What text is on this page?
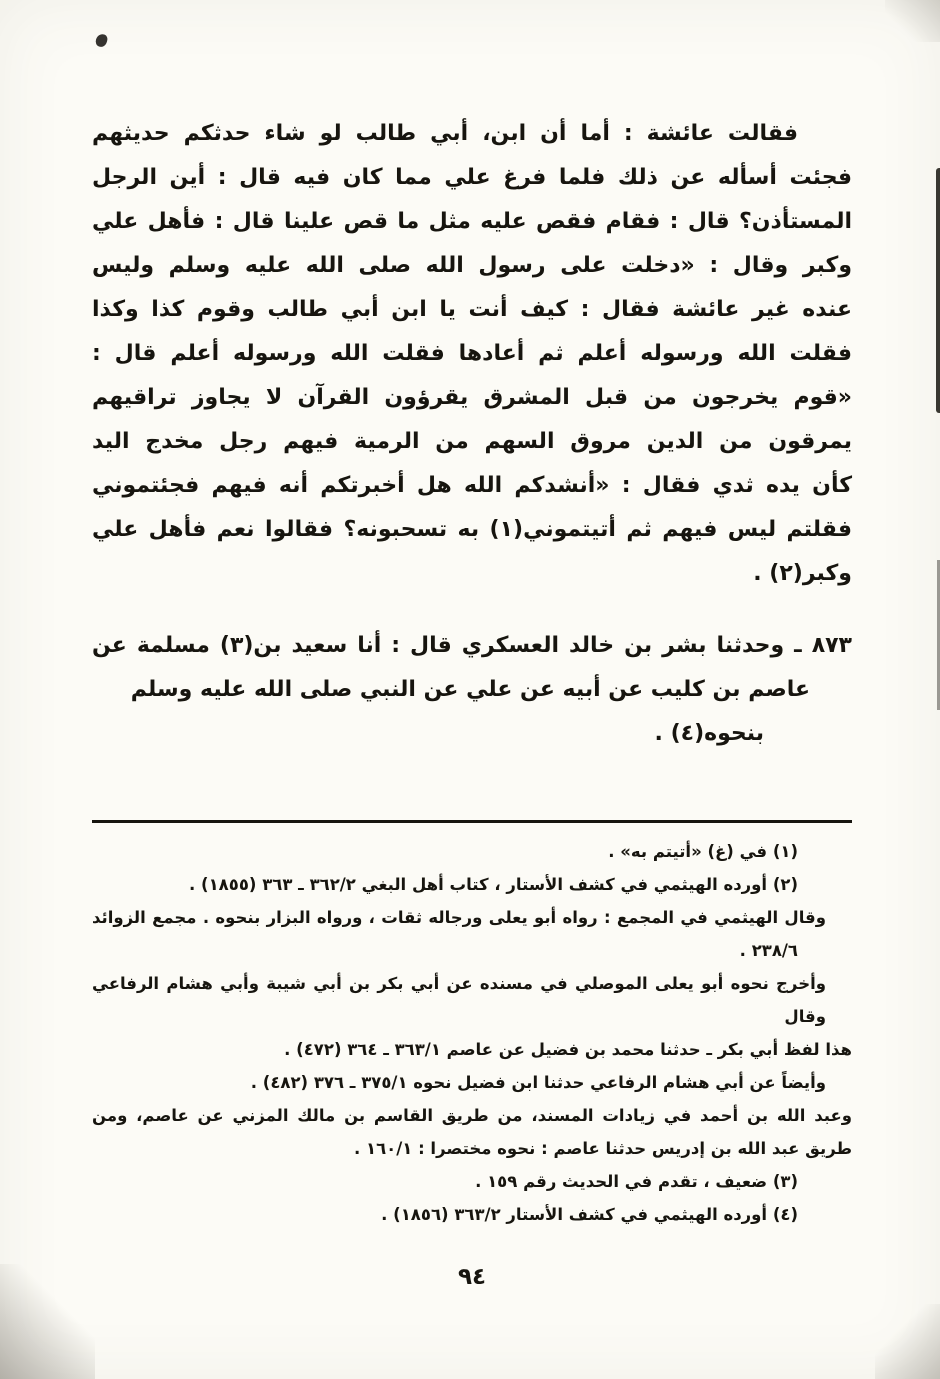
فقالت عائشة : أما أن ابن، أبي طالب لو شاء حدثكم حديثهم
فجئت أسأله عن ذلك فلما فرغ علي مما كان فيه قال : أين الرجل
المستأذن؟ قال : فقام فقص عليه مثل ما قص علينا قال : فأهل علي
وكبر وقال : «دخلت على رسول الله صلى الله عليه وسلم وليس
عنده غير عائشة فقال : كيف أنت يا ابن أبي طالب وقوم كذا وكذا
فقلت الله ورسوله أعلم ثم أعادها فقلت الله ورسوله أعلم قال :
«قوم يخرجون من قبل المشرق يقرؤون القرآن لا يجاوز تراقيهم
يمرقون من الدين مروق السهم من الرمية فيهم رجل مخدج اليد
كأن يده ثدي فقال : «أنشدكم الله هل أخبرتكم أنه فيهم فجئتموني
فقلتم ليس فيهم ثم أتيتموني(١) به تسحبونه؟ فقالوا نعم فأهل علي
وكبر(٢) .
٨٧٣ ـ وحدثنا بشر بن خالد العسكري قال : أنا سعيد بن(٣) مسلمة عن
عاصم بن كليب عن أبيه عن علي عن النبي صلى الله عليه وسلم
بنحوه(٤) .
(١) في (غ) «أتيتم به» .
(٢) أورده الهيثمي في كشف الأستار ، كتاب أهل البغي ٣٦٢/٢ ـ ٣٦٣ (١٨٥٥) .
وقال الهيثمي في المجمع : رواه أبو يعلى ورجاله ثقات ، ورواه البزار بنحوه . مجمع الزوائد
٢٣٨/٦ .
وأخرج نحوه أبو يعلى الموصلي في مسنده عن أبي بكر بن أبي شيبة وأبي هشام الرفاعي وقال
هذا لفظ أبي بكر ـ حدثنا محمد بن فضيل عن عاصم ٣٦٣/١ ـ ٣٦٤ (٤٧٢) .
وأيضاً عن أبي هشام الرفاعي حدثنا ابن فضيل نحوه ٣٧٥/١ ـ ٣٧٦ (٤٨٢) .
وعبد الله بن أحمد في زيادات المسند، من طريق القاسم بن مالك المزني عن عاصم، ومن
طريق عبد الله بن إدريس حدثنا عاصم : نحوه مختصرا : ١٦٠/١ .
(٣) ضعيف ، تقدم في الحديث رقم ١٥٩ .
(٤) أورده الهيثمي في كشف الأستار ٣٦٣/٢ (١٨٥٦) .
٩٤
